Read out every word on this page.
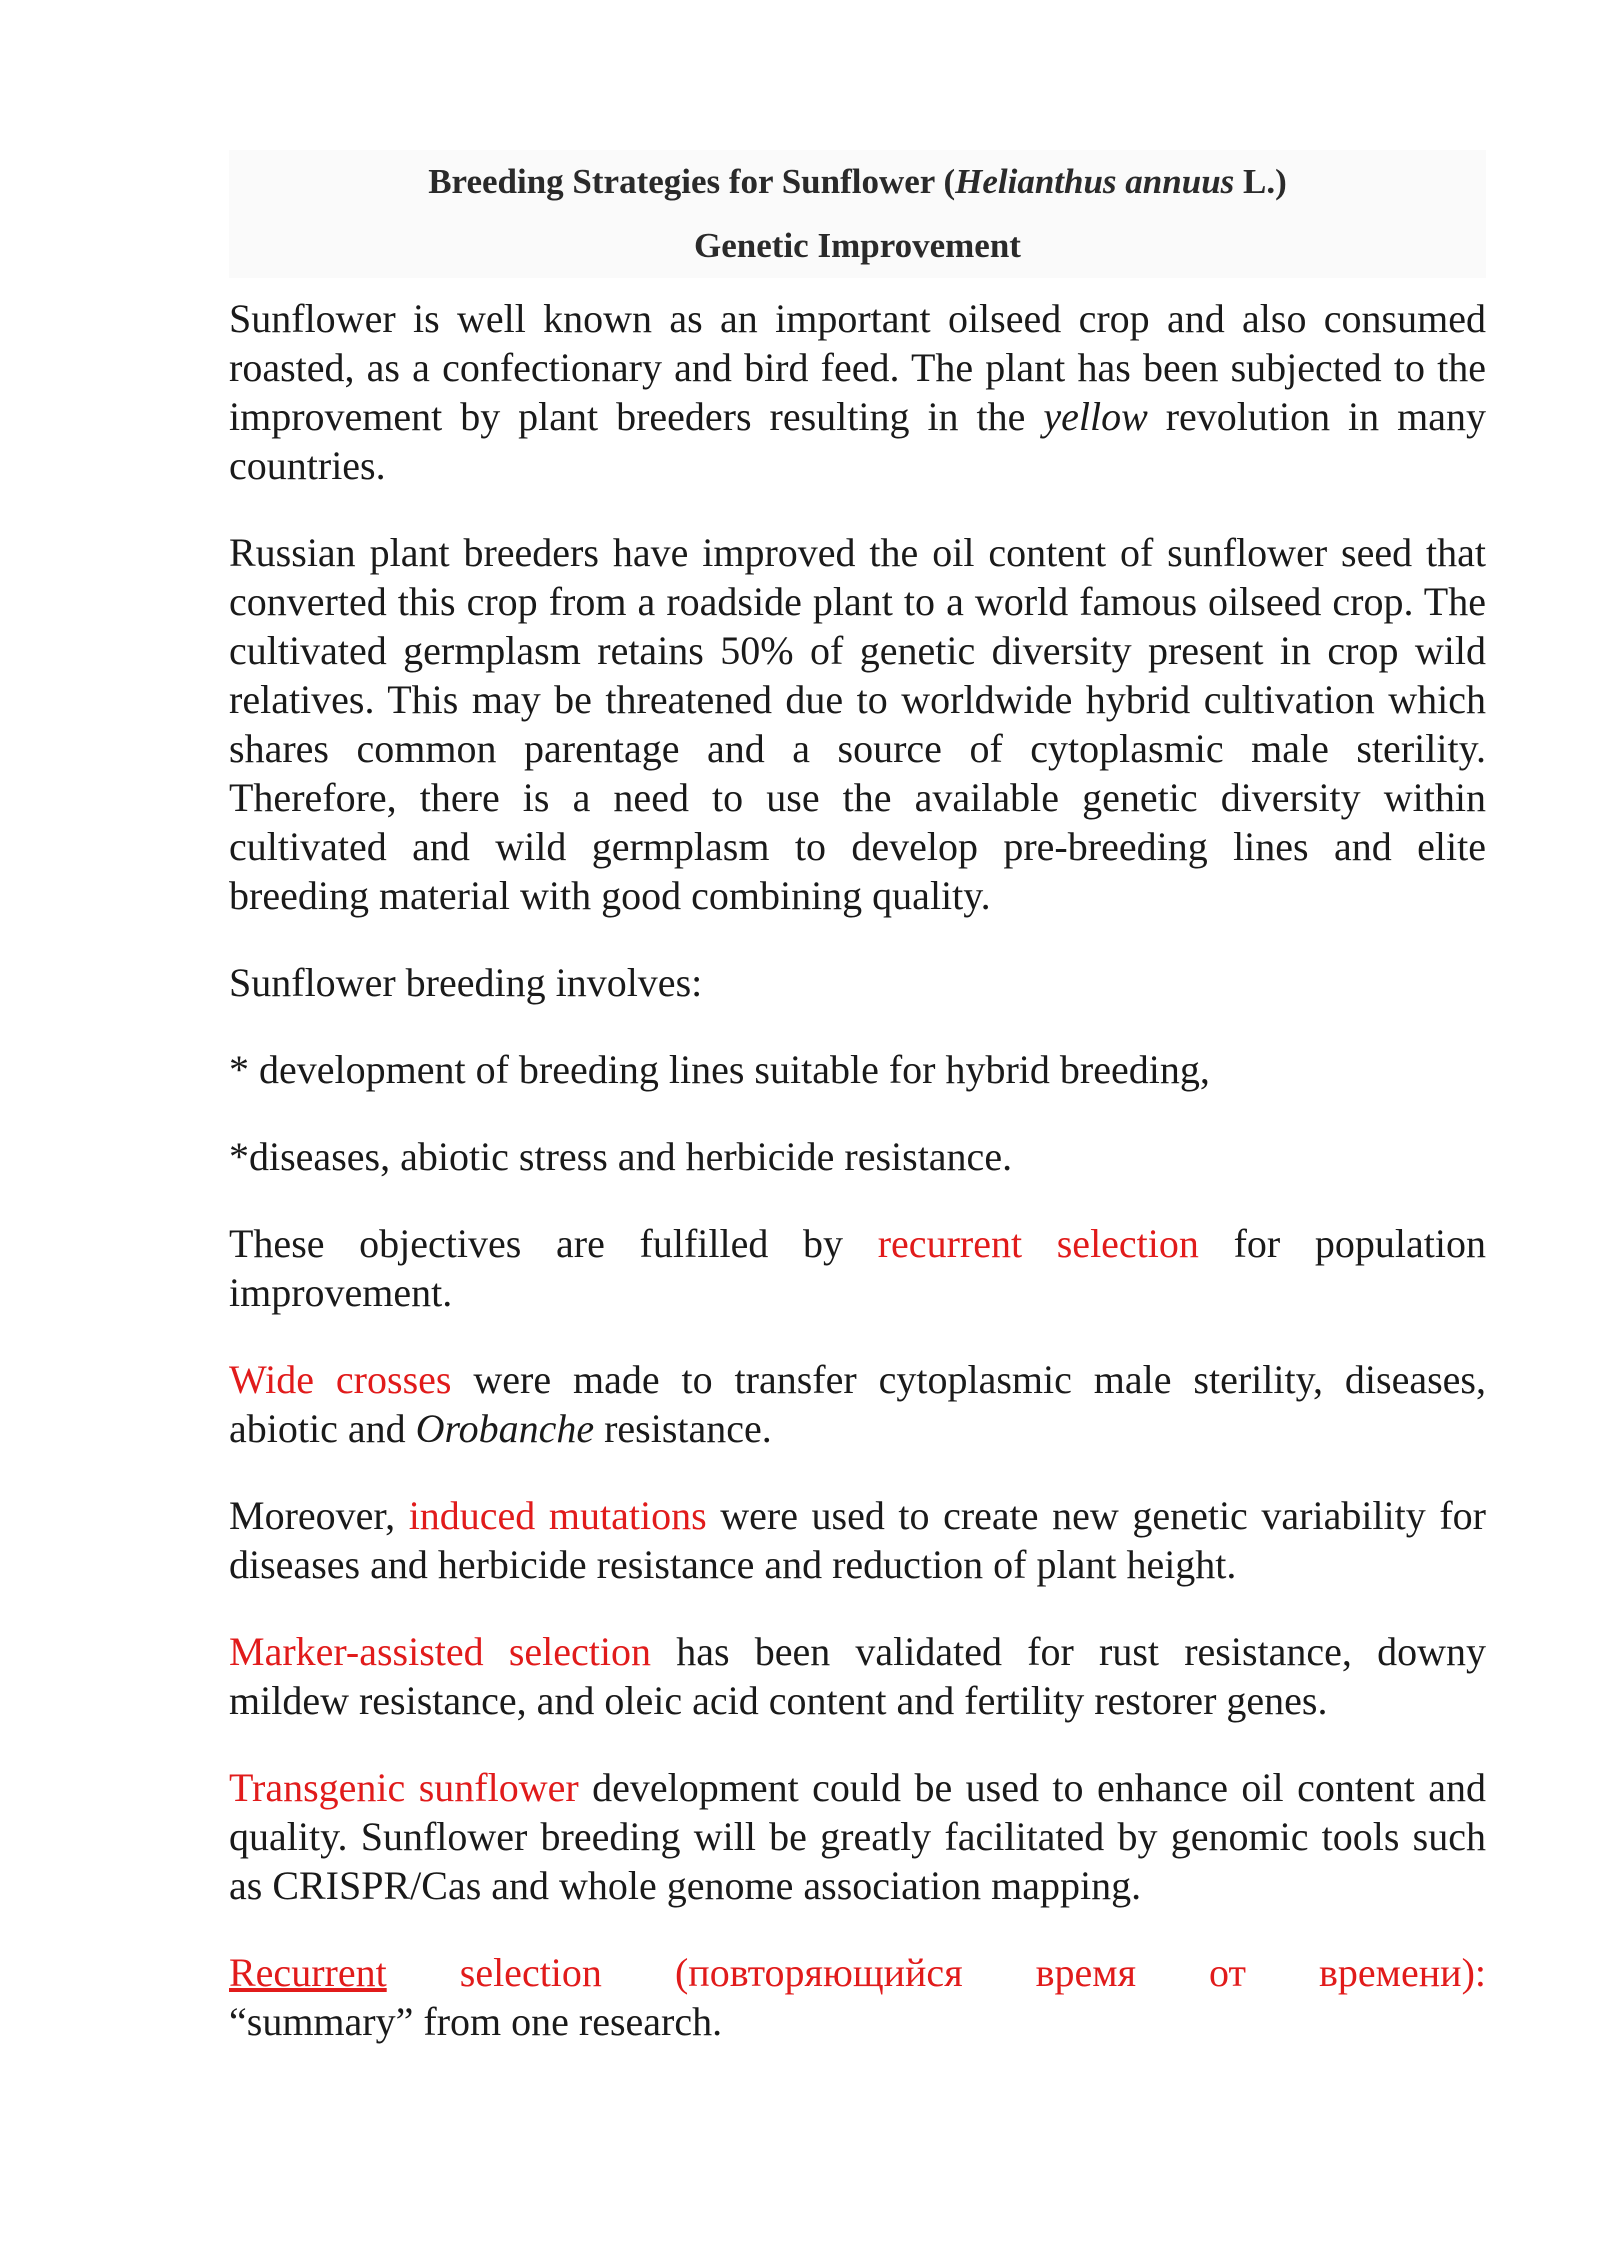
Breeding Strategies for Sunflower (Helianthus annuus L.)
Genetic Improvement

Sunflower is well known as an important oilseed crop and also consumed roasted, as a confectionary and bird feed. The plant has been subjected to the improvement by plant breeders resulting in the yellow revolution in many countries.

Russian plant breeders have improved the oil content of sunflower seed that converted this crop from a roadside plant to a world famous oilseed crop. The cultivated germplasm retains 50% of genetic diversity present in crop wild relatives. This may be threatened due to worldwide hybrid cultivation which shares common parentage and a source of cytoplasmic male sterility. Therefore, there is a need to use the available genetic diversity within cultivated and wild germplasm to develop pre-breeding lines and elite breeding material with good combining quality.

Sunflower breeding involves:

* development of breeding lines suitable for hybrid breeding,

*diseases, abiotic stress and herbicide resistance.

These objectives are fulfilled by recurrent selection for population improvement.

Wide crosses were made to transfer cytoplasmic male sterility, diseases, abiotic and Orobanche resistance.

Moreover, induced mutations were used to create new genetic variability for diseases and herbicide resistance and reduction of plant height.

Marker-assisted selection has been validated for rust resistance, downy mildew resistance, and oleic acid content and fertility restorer genes.

Transgenic sunflower development could be used to enhance oil content and quality. Sunflower breeding will be greatly facilitated by genomic tools such as CRISPR/Cas and whole genome association mapping.

Recurrent selection (повторяющийся время от времени):
“summary” from one research.
